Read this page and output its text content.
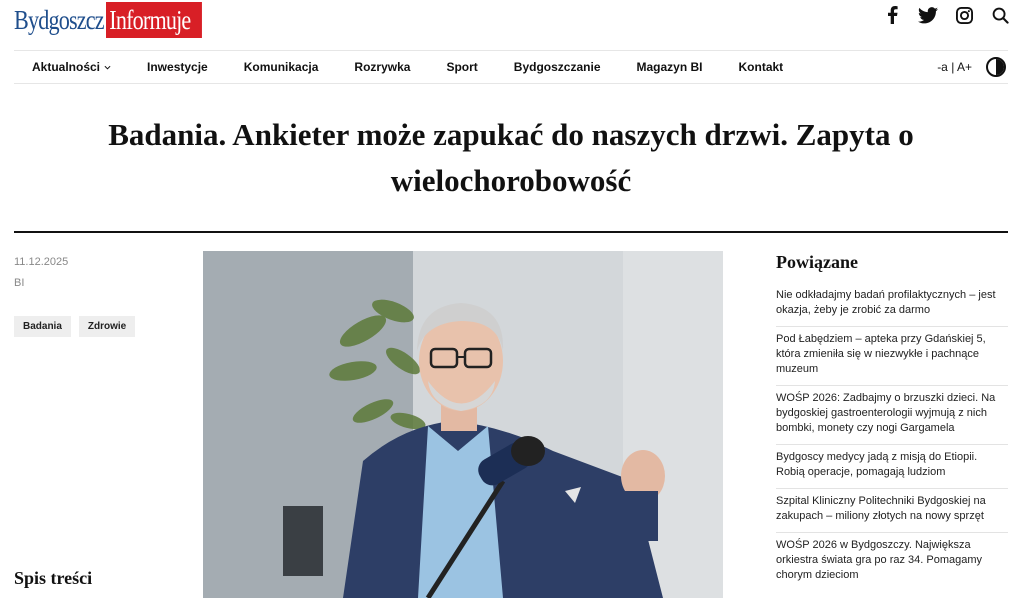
Bydgoszcz Informuje
Aktualności	Inwestycje	Komunikacja	Rozrywka	Sport	Bydgoszczanie	Magazyn BI	Kontakt	-a | A+
Badania. Ankieter może zapukać do naszych drzwi. Zapyta o wielochorobowość
11.12.2025
BI
Badania	Zdrowie
Spis treści
Powiązane
Nie odkładajmy badań profilaktycznych – jest okazja, żeby je zrobić za darmo
Pod Łabędziem – apteka przy Gdańskiej 5, która zmieniła się w niezwykłe i pachnące muzeum
WOŚP 2026: Zadbajmy o brzuszki dzieci. Na bydgoskiej gastroenterologii wyjmują z nich bombki, monety czy nogi Gargamela
Bydgoscy medycy jadą z misją do Etiopii. Robią operacje, pomagają ludziom
Szpital Kliniczny Politechniki Bydgoskiej na zakupach – miliony złotych na nowy sprzęt
WOŚP 2026 w Bydgoszczy. Największa orkiestra świata gra po raz 34. Pomagamy chorym dzieciom
